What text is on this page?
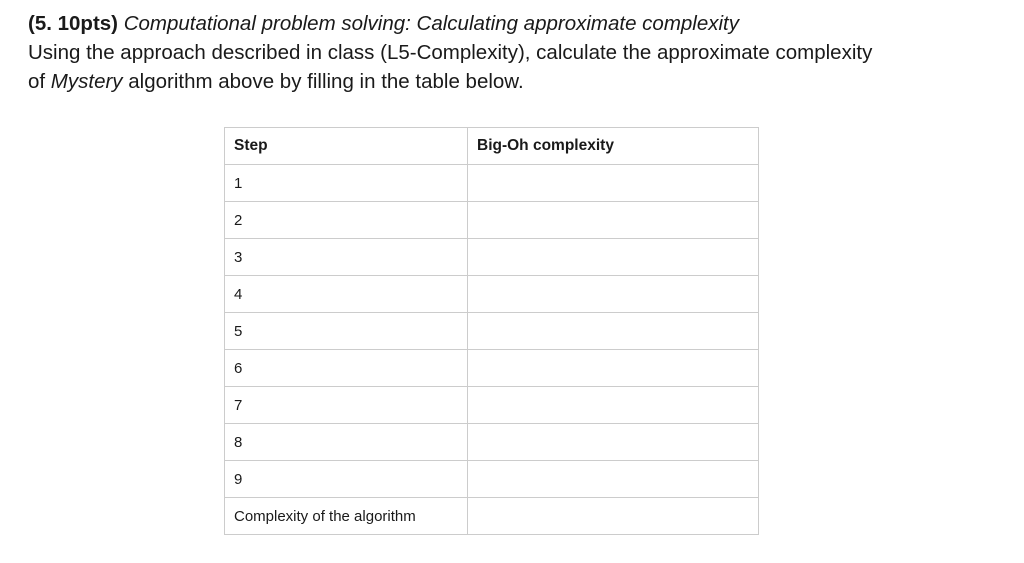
(5. 10pts) Computational problem solving: Calculating approximate complexity
Using the approach described in class (L5-Complexity), calculate the approximate complexity
of Mystery algorithm above by filling in the table below.
Step	Big-Oh complexity
1	
2	
3	
4	
5	
6	
7	
8	
9	
Complexity of the algorithm	
